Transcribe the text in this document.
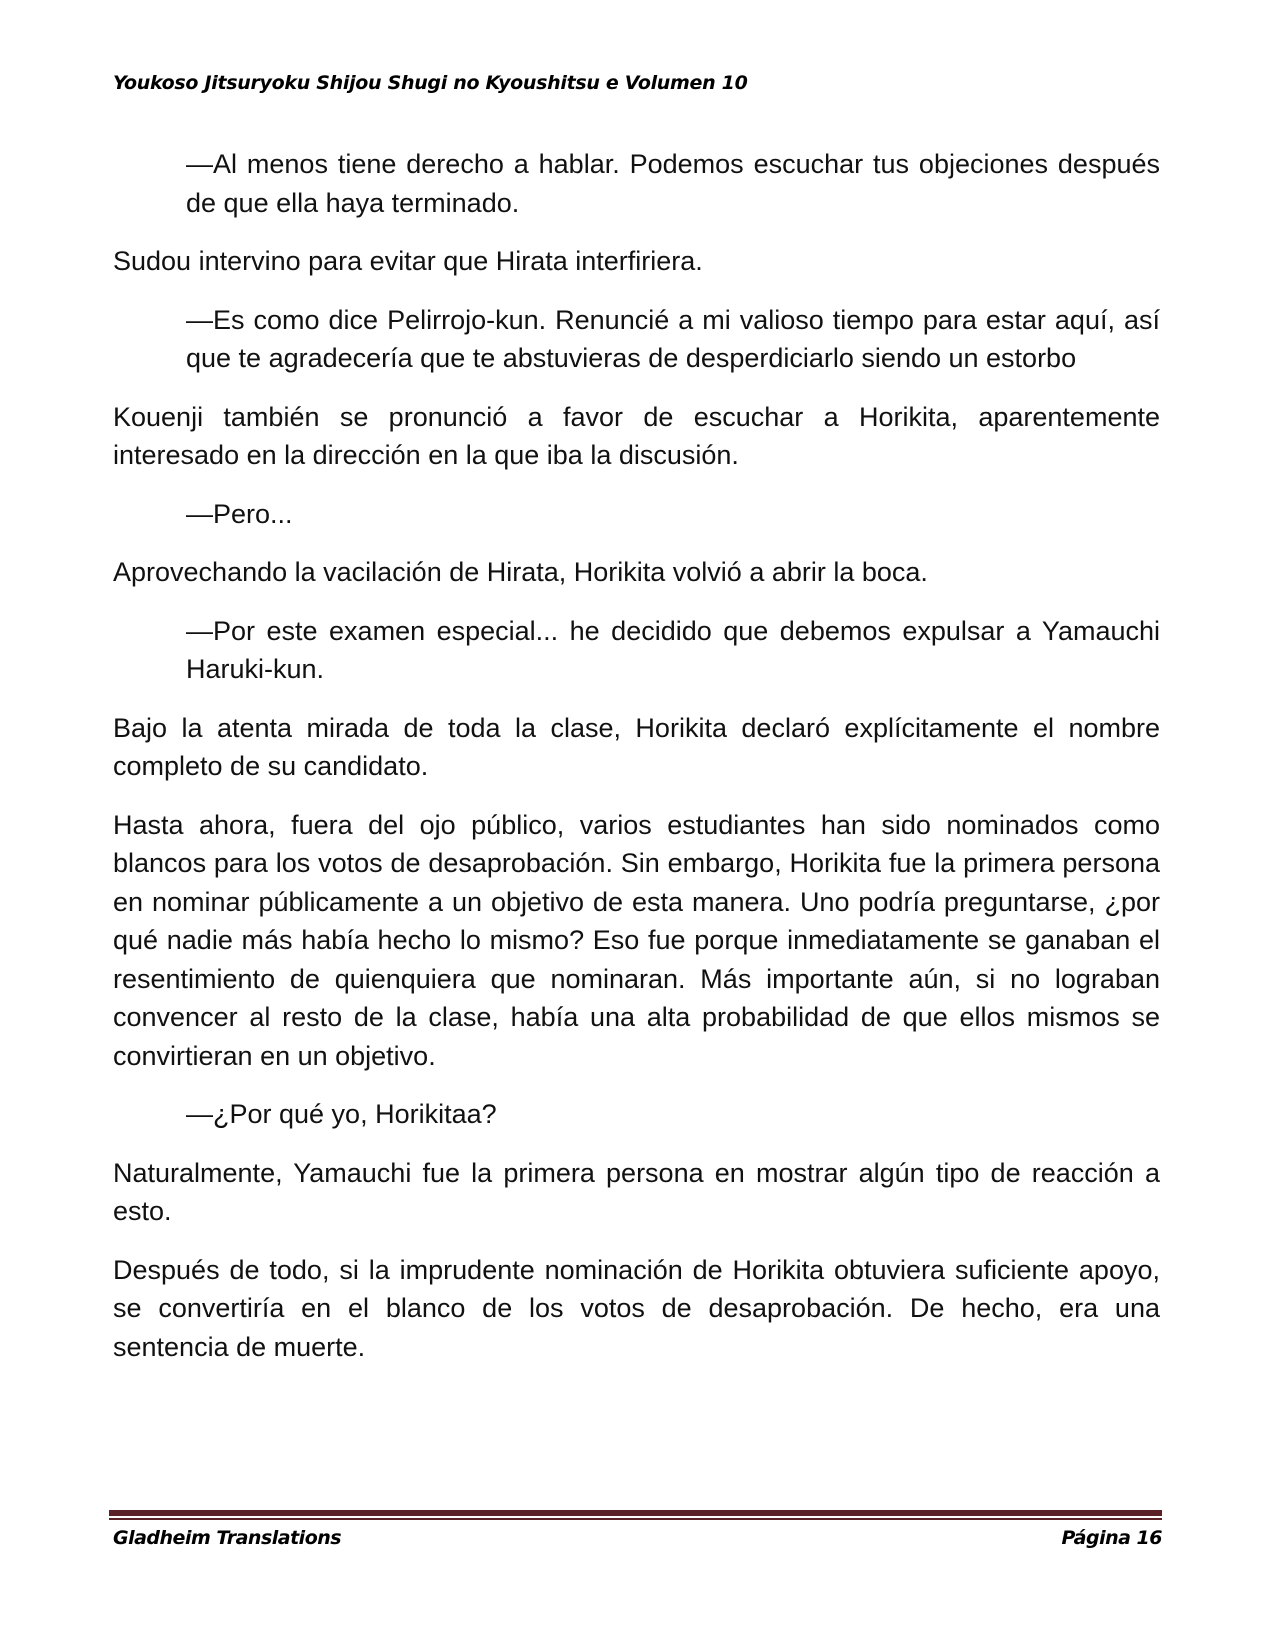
Youkoso Jitsuryoku Shijou Shugi no Kyoushitsu e Volumen 10

—Al menos tiene derecho a hablar. Podemos escuchar tus objeciones después de que ella haya terminado.

Sudou intervino para evitar que Hirata interfiriera.

—Es como dice Pelirrojo-kun. Renuncié a mi valioso tiempo para estar aquí, así que te agradecería que te abstuvieras de desperdiciarlo siendo un estorbo

Kouenji también se pronunció a favor de escuchar a Horikita, aparentemente interesado en la dirección en la que iba la discusión.

—Pero...

Aprovechando la vacilación de Hirata, Horikita volvió a abrir la boca.

—Por este examen especial... he decidido que debemos expulsar a Yamauchi Haruki-kun.

Bajo la atenta mirada de toda la clase, Horikita declaró explícitamente el nombre completo de su candidato.

Hasta ahora, fuera del ojo público, varios estudiantes han sido nominados como blancos para los votos de desaprobación. Sin embargo, Horikita fue la primera persona en nominar públicamente a un objetivo de esta manera. Uno podría preguntarse, ¿por qué nadie más había hecho lo mismo? Eso fue porque inmediatamente se ganaban el resentimiento de quienquiera que nominaran. Más importante aún, si no lograban convencer al resto de la clase, había una alta probabilidad de que ellos mismos se convirtieran en un objetivo.

—¿Por qué yo, Horikitaa?

Naturalmente, Yamauchi fue la primera persona en mostrar algún tipo de reacción a esto.

Después de todo, si la imprudente nominación de Horikita obtuviera suficiente apoyo, se convertiría en el blanco de los votos de desaprobación. De hecho, era una sentencia de muerte.

Gladheim Translations	Página 16
